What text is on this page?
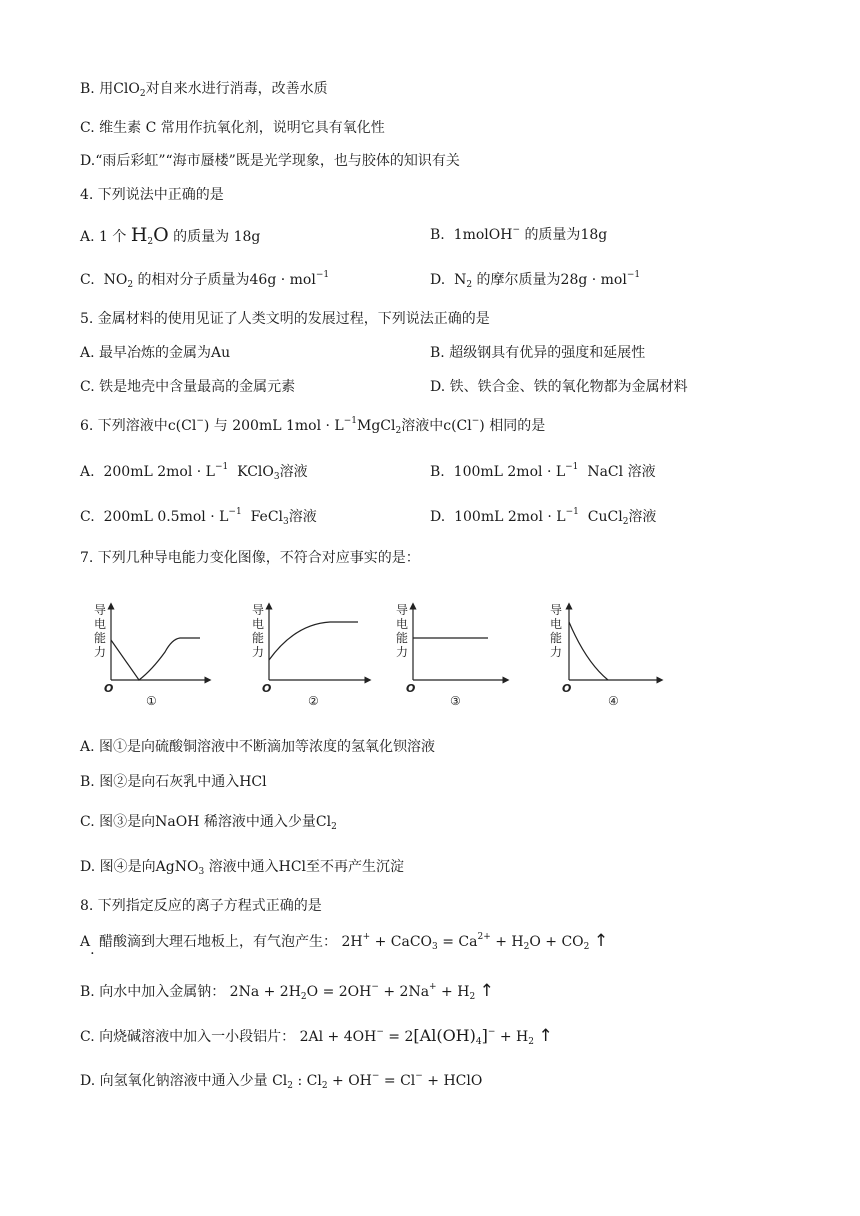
B. 用ClO$_2$对自来水进行消毒，改善水质
C. 维生素 C 常用作抗氧化剂，说明它具有氧化性
D.“雨后彩虹”“海市蜃楼”既是光学现象，也与胶体的知识有关
4. 下列说法中正确的是
A. 1 个 $H_2O$ 的质量为 18g	B. 1molOH− 的质量为18g
C. $NO_2$ 的相对分子质量为46g · mol$^{-1}$	D. $N_2$ 的摩尔质量为28g · mol$^{-1}$
5. 金属材料的使用见证了人类文明的发展过程，下列说法正确的是
A. 最早冶炼的金属为Au	B. 超级钢具有优异的强度和延展性
C. 铁是地壳中含量最高的金属元素	D. 铁、铁合金、铁的氧化物都为金属材料
6. 下列溶液中c(Cl−) 与 200mL $1mol \cdot L^{-1}MgCl_2$溶液中c(Cl−) 相同的是
A. 200mL $2mol \cdot L^{-1}$ KClO$_3$溶液	B. 100mL $2mol \cdot L^{-1}$ NaCl 溶液
C. 200mL $0.5mol \cdot L^{-1}$ FeCl$_3$溶液	D. 100mL $2mol \cdot L^{-1}$ CuCl$_2$溶液
7. 下列几种导电能力变化图像，不符合对应事实的是：
导
电
能
力
O
①
导
电
能
力
O
②
导
电
能
力
O
③
导
电
能
力
O
④
A. 图①是向硫酸铜溶液中不断滴加等浓度的氢氧化钡溶液
B. 图②是向石灰乳中通入HCl
C. 图③是向NaOH 稀溶液中通入少量$Cl_2$
D. 图④是向AgNO$_3$ 溶液中通入HCl至不再产生沉淀
8. 下列指定反应的离子方程式正确的是
A. 醋酸滴到大理石地板上，有气泡产生： 2H+ + CaCO$_3$ = $Ca^{2+} + H_2O + CO_2$ ↑
B. 向水中加入金属钠： $2Na + 2H_2O = 2OH^- + 2Na^+ + H_2$ ↑
C. 向烧碱溶液中加入一小段铝片： $2Al + 4OH^- = 2[Al(OH)_4]^- + H_2$ ↑
D. 向氢氧化钠溶液中通入少量 $Cl_2$ : $Cl_2 + OH^- = Cl^-$ + HClO
